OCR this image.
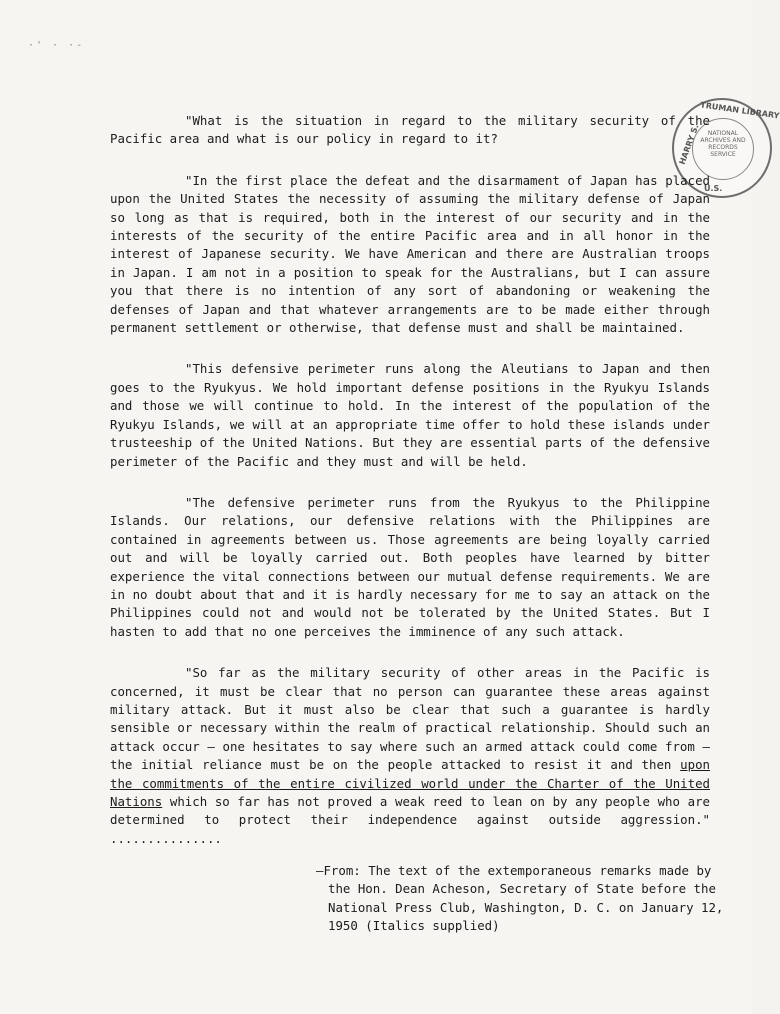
·' · ·-
TRUMAN LIBRARY
HARRY S.
U.S.
NATIONAL ARCHIVES AND RECORDS SERVICE

"What is the situation in regard to the military security of the Pacific area and what is our policy in regard to it?

"In the first place the defeat and the disarmament of Japan has placed upon the United States the necessity of assuming the military defense of Japan so long as that is required, both in the interest of our security and in the interests of the security of the entire Pacific area and in all honor in the interest of Japanese security. We have American and there are Australian troops in Japan. I am not in a position to speak for the Australians, but I can assure you that there is no intention of any sort of abandoning or weakening the defenses of Japan and that whatever arrangements are to be made either through permanent settlement or otherwise, that defense must and shall be maintained.

"This defensive perimeter runs along the Aleutians to Japan and then goes to the Ryukyus. We hold important defense positions in the Ryukyu Islands and those we will continue to hold. In the interest of the population of the Ryukyu Islands, we will at an appropriate time offer to hold these islands under trusteeship of the United Nations. But they are essential parts of the defensive perimeter of the Pacific and they must and will be held.

"The defensive perimeter runs from the Ryukyus to the Philippine Islands. Our relations, our defensive relations with the Philippines are contained in agreements between us. Those agreements are being loyally carried out and will be loyally carried out. Both peoples have learned by bitter experience the vital connections between our mutual defense requirements. We are in no doubt about that and it is hardly necessary for me to say an attack on the Philippines could not and would not be tolerated by the United States. But I hasten to add that no one perceives the imminence of any such attack.

"So far as the military security of other areas in the Pacific is concerned, it must be clear that no person can guarantee these areas against military attack. But it must also be clear that such a guarantee is hardly sensible or necessary within the realm of practical relationship. Should such an attack occur — one hesitates to say where such an armed attack could come from — the initial reliance must be on the people attacked to resist it and then upon the commitments of the entire civilized world under the Charter of the United Nations which so far has not proved a weak reed to lean on by any people who are determined to protect their independence against outside aggression." ...............

—From: The text of the extemporaneous remarks made by the Hon. Dean Acheson, Secretary of State before the National Press Club, Washington, D. C. on January 12, 1950 (Italics supplied)
